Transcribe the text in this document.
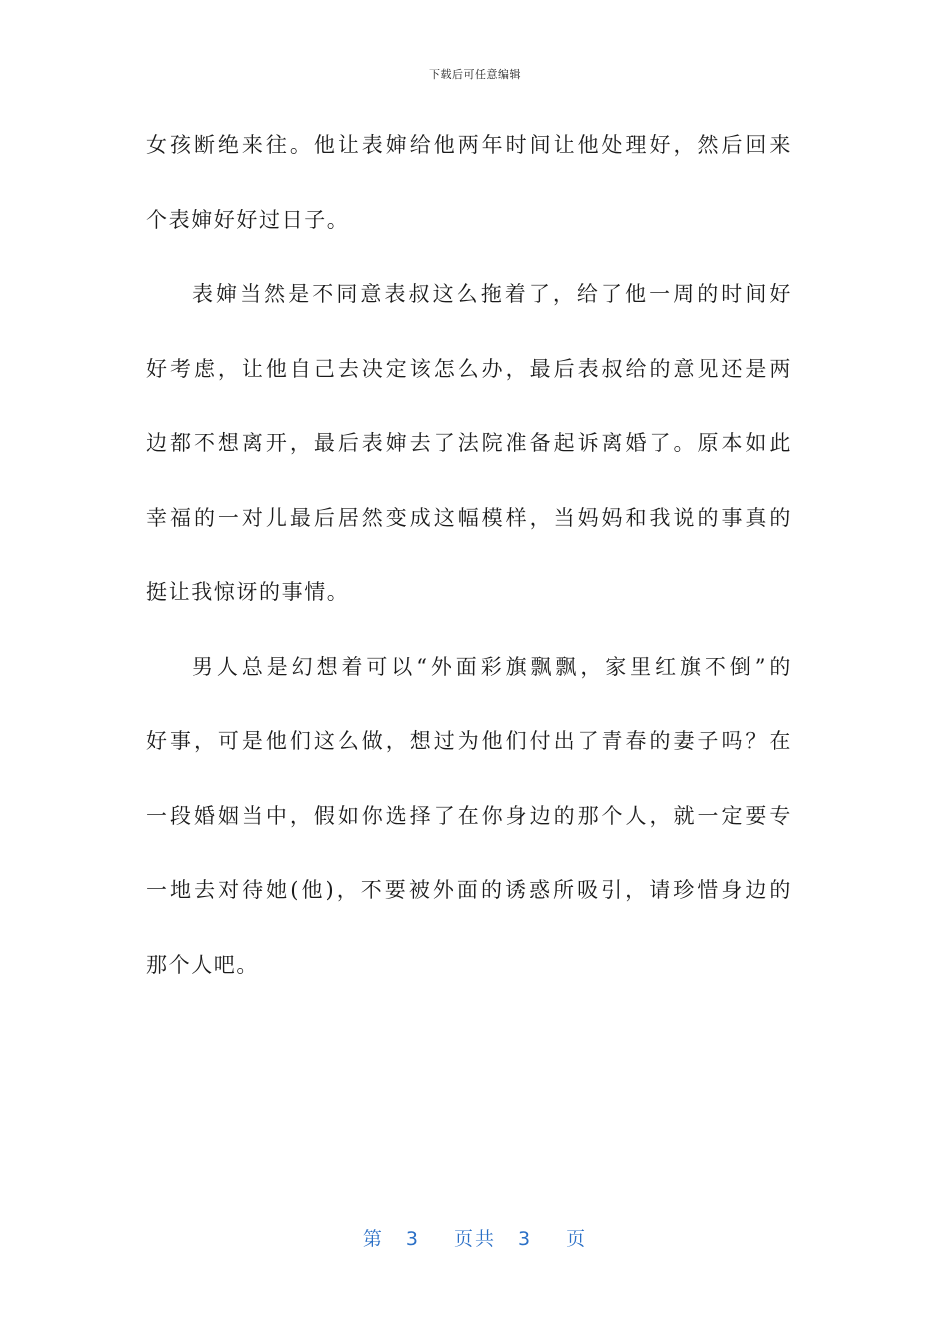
下载后可任意编辑
女孩断绝来往。他让表婶给他两年时间让他处理好，然后回来
个表婶好好过日子。
表婶当然是不同意表叔这么拖着了，给了他一周的时间好
好考虑，让他自己去决定该怎么办，最后表叔给的意见还是两
边都不想离开，最后表婶去了法院准备起诉离婚了。原本如此
幸福的一对儿最后居然变成这幅模样，当妈妈和我说的事真的
挺让我惊讶的事情。
男人总是幻想着可以“外面彩旗飘飘，家里红旗不倒”的
好事，可是他们这么做，想过为他们付出了青春的妻子吗？在
一段婚姻当中，假如你选择了在你身边的那个人，就一定要专
一地去对待她(他)，不要被外面的诱惑所吸引，请珍惜身边的
那个人吧。
第 3 页共 3 页
